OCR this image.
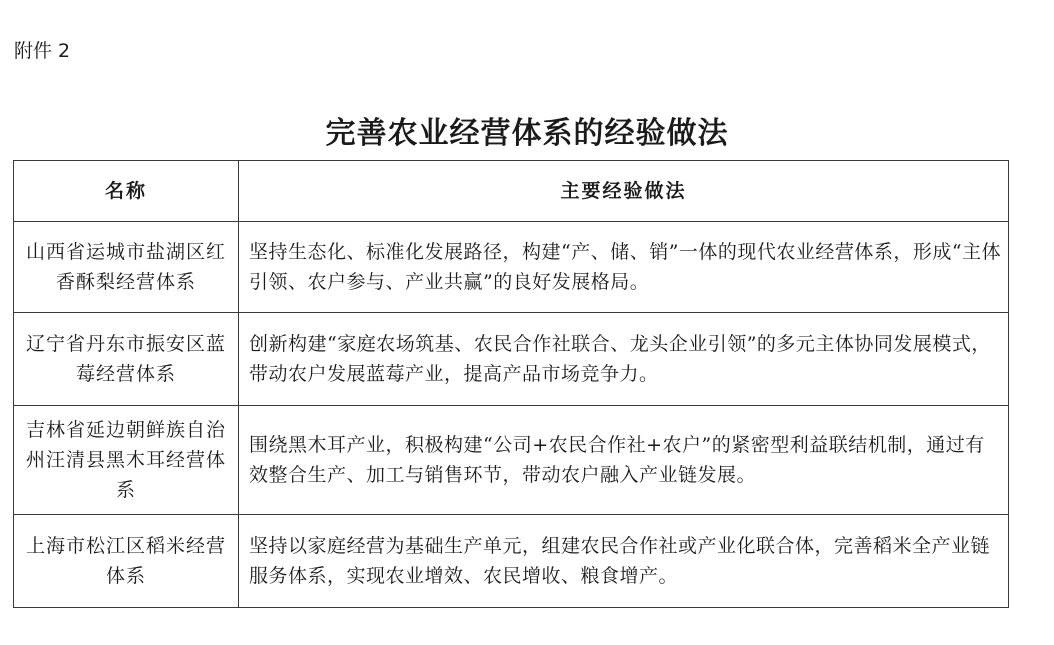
附件 2
完善农业经营体系的经验做法
名称	主要经验做法
山西省运城市盐湖区红香酥梨经营体系	坚持生态化、标准化发展路径，构建“产、储、销”一体的现代农业经营体系，形成“主体引领、农户参与、产业共赢”的良好发展格局。
辽宁省丹东市振安区蓝莓经营体系	创新构建“家庭农场筑基、农民合作社联合、龙头企业引领”的多元主体协同发展模式，带动农户发展蓝莓产业，提高产品市场竞争力。
吉林省延边朝鲜族自治州汪清县黑木耳经营体系	围绕黑木耳产业，积极构建“公司+农民合作社+农户”的紧密型利益联结机制，通过有效整合生产、加工与销售环节，带动农户融入产业链发展。
上海市松江区稻米经营体系	坚持以家庭经营为基础生产单元，组建农民合作社或产业化联合体，完善稻米全产业链服务体系，实现农业增效、农民增收、粮食增产。
